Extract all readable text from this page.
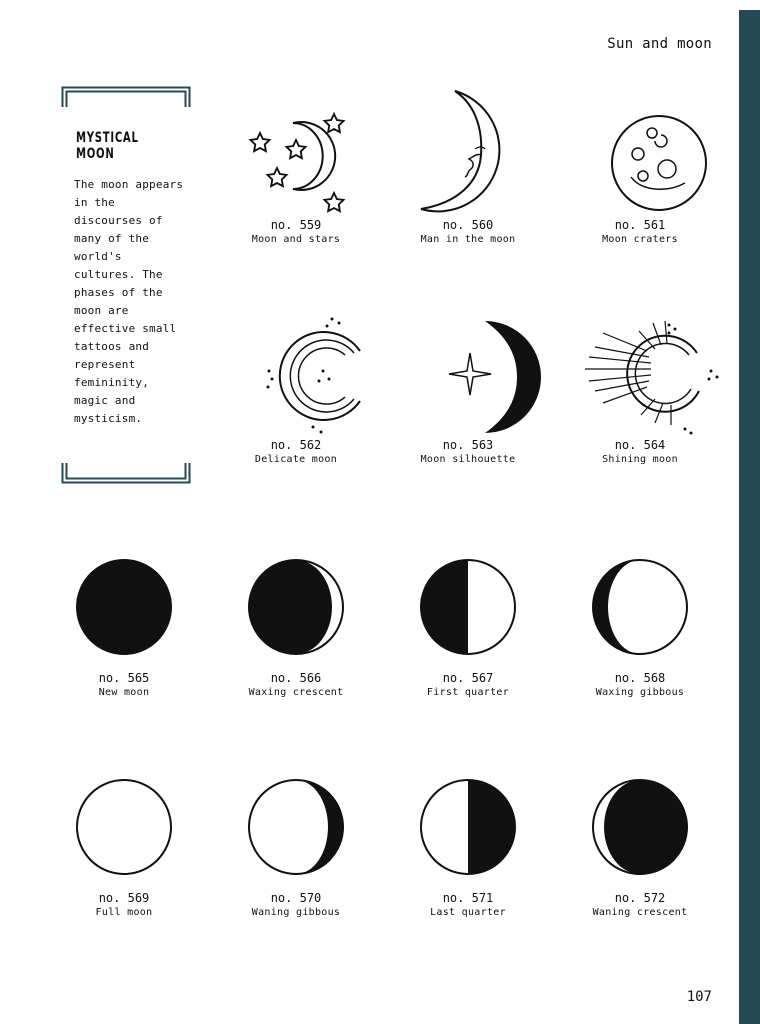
Sun and moon
MYSTICAL
MOON
The moon appears in the discourses of many of the world's cultures. The phases of the moon are effective small tattoos and represent femininity, magic and mysticism.
no. 559
Moon and stars
no. 560
Man in the moon
no. 561
Moon craters
no. 562
Delicate moon
no. 563
Moon silhouette
no. 564
Shining moon
no. 565
New moon
no. 566
Waxing crescent
no. 567
First quarter
no. 568
Waxing gibbous
no. 569
Full moon
no. 570
Waning gibbous
no. 571
Last quarter
no. 572
Waning crescent
107
